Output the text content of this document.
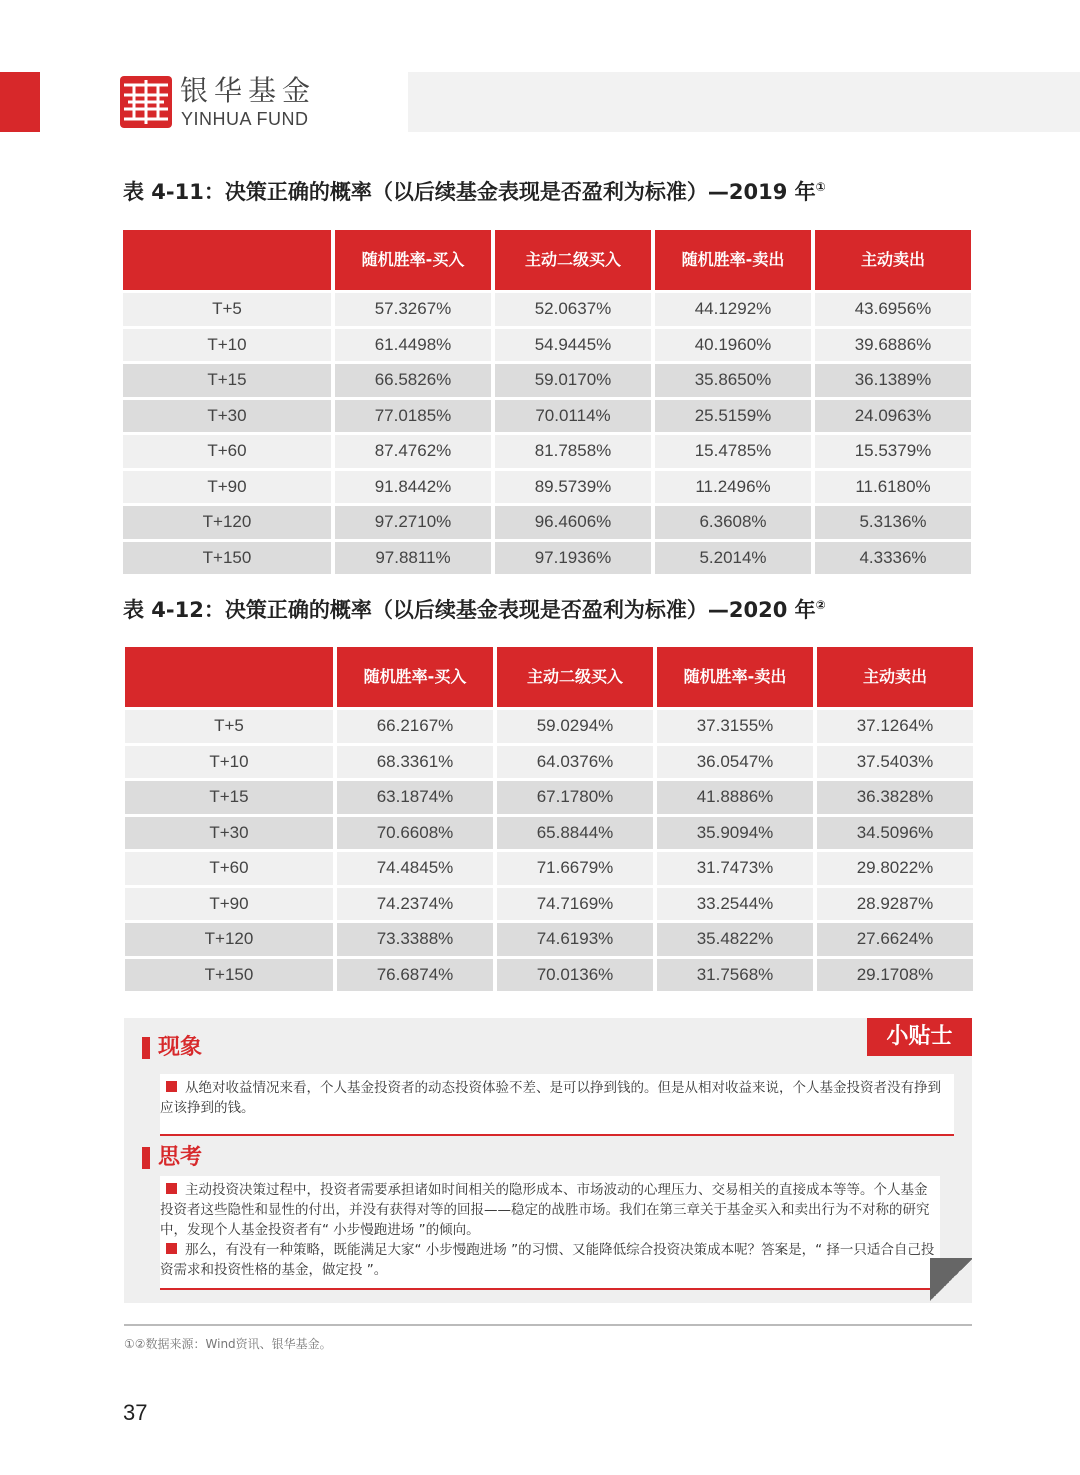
银华基金
YINHUA FUND
表 4-11：决策正确的概率（以后续基金表现是否盈利为标准）—2019 年①
	随机胜率-买入	主动二级买入	随机胜率-卖出	主动卖出
T+5	57.3267%	52.0637%	44.1292%	43.6956%
T+10	61.4498%	54.9445%	40.1960%	39.6886%
T+15	66.5826%	59.0170%	35.8650%	36.1389%
T+30	77.0185%	70.0114%	25.5159%	24.0963%
T+60	87.4762%	81.7858%	15.4785%	15.5379%
T+90	91.8442%	89.5739%	11.2496%	11.6180%
T+120	97.2710%	96.4606%	6.3608%	5.3136%
T+150	97.8811%	97.1936%	5.2014%	4.3336%
表 4-12：决策正确的概率（以后续基金表现是否盈利为标准）—2020 年②
	随机胜率-买入	主动二级买入	随机胜率-卖出	主动卖出
T+5	66.2167%	59.0294%	37.3155%	37.1264%
T+10	68.3361%	64.0376%	36.0547%	37.5403%
T+15	63.1874%	67.1780%	41.8886%	36.3828%
T+30	70.6608%	65.8844%	35.9094%	34.5096%
T+60	74.4845%	71.6679%	31.7473%	29.8022%
T+90	74.2374%	74.7169%	33.2544%	28.9287%
T+120	73.3388%	74.6193%	35.4822%	27.6624%
T+150	76.6874%	70.0136%	31.7568%	29.1708%
小贴士
现象

从绝对收益情况来看，个人基金投资者的动态投资体验不差、是可以挣到钱的。但是从相对收益来说，个人基金投资者没有挣到应该挣到的钱。

思考

主动投资决策过程中，投资者需要承担诸如时间相关的隐形成本、市场波动的心理压力、交易相关的直接成本等等。个人基金投资者这些隐性和显性的付出，并没有获得对等的回报——稳定的战胜市场。我们在第三章关于基金买入和卖出行为不对称的研究中，发现个人基金投资者有“ 小步慢跑进场 ”的倾向。

那么，有没有一种策略，既能满足大家“ 小步慢跑进场 ”的习惯、又能降低综合投资决策成本呢？答案是，“ 择一只适合自己投资需求和投资性格的基金，做定投 ”。

①②数据来源：Wind资讯、银华基金。
37
